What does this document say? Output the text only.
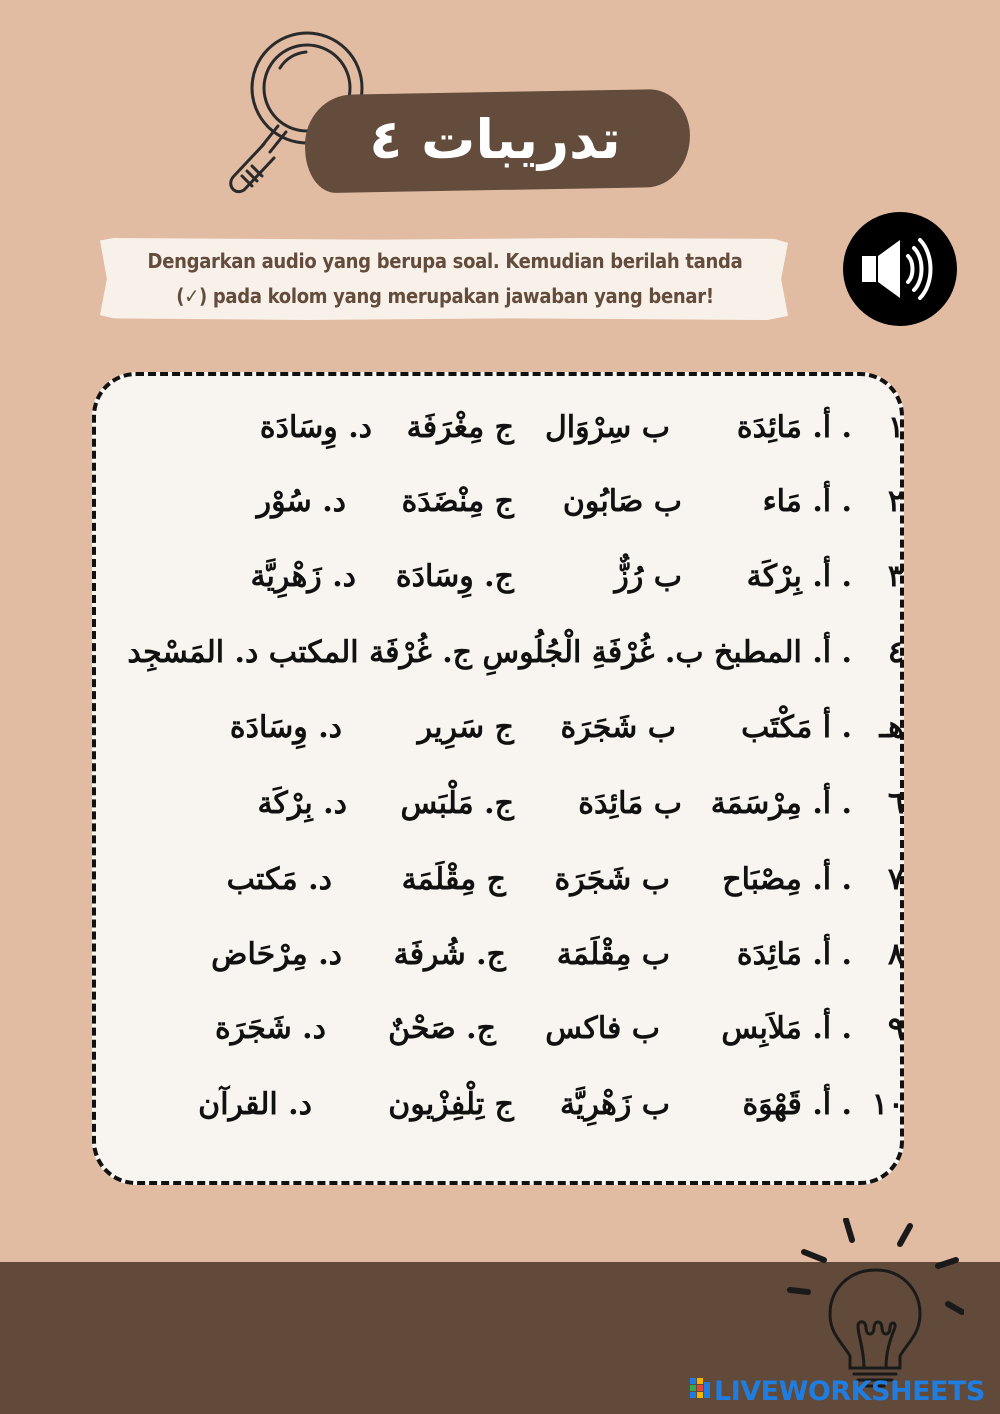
تدريبات ٤
Dengarkan audio yang berupa soal. Kemudian berilah tanda
(✓) pada kolom yang merupakan jawaban yang benar!
١
. أ. مَائِدَة
ب سِرْوَال
ج مِغْرَفَة
د. وِسَادَة
٢
. أ. مَاء
ب صَابُون
ج مِنْضَدَة
د. سُوْر
٣
. أ. بِرْكَة
ب رُزٌّ
ج. وِسَادَة
د. زَهْرِيَّة
٤
. أ. المطبخ ب. غُرْفَةِ الْجُلُوسِ ج. غُرْفَة المكتب د. المَسْجِد
هـ
. أ مَكْتَب
ب شَجَرَة
ج سَرِير
د. وِسَادَة
٦
. أ. مِرْسَمَة
ب مَائِدَة
ج. مَلْبَس
د. بِرْكَة
٧
. أ. مِصْبَاح
ب شَجَرَة
ج مِقْلَمَة
د. مَكتب
٨
. أ. مَائِدَة
ب مِقْلَمَة
ج. شُرفَة
د. مِرْحَاض
٩
. أ. مَلاَبِس
ب فاكس
ج. صَحْنٌ
د. شَجَرَة
١٠
. أ. قَهْوَة
ب زَهْرِيَّة
ج تِلْفِزْيون
د. القرآن
LIVEWORKSHEETS
